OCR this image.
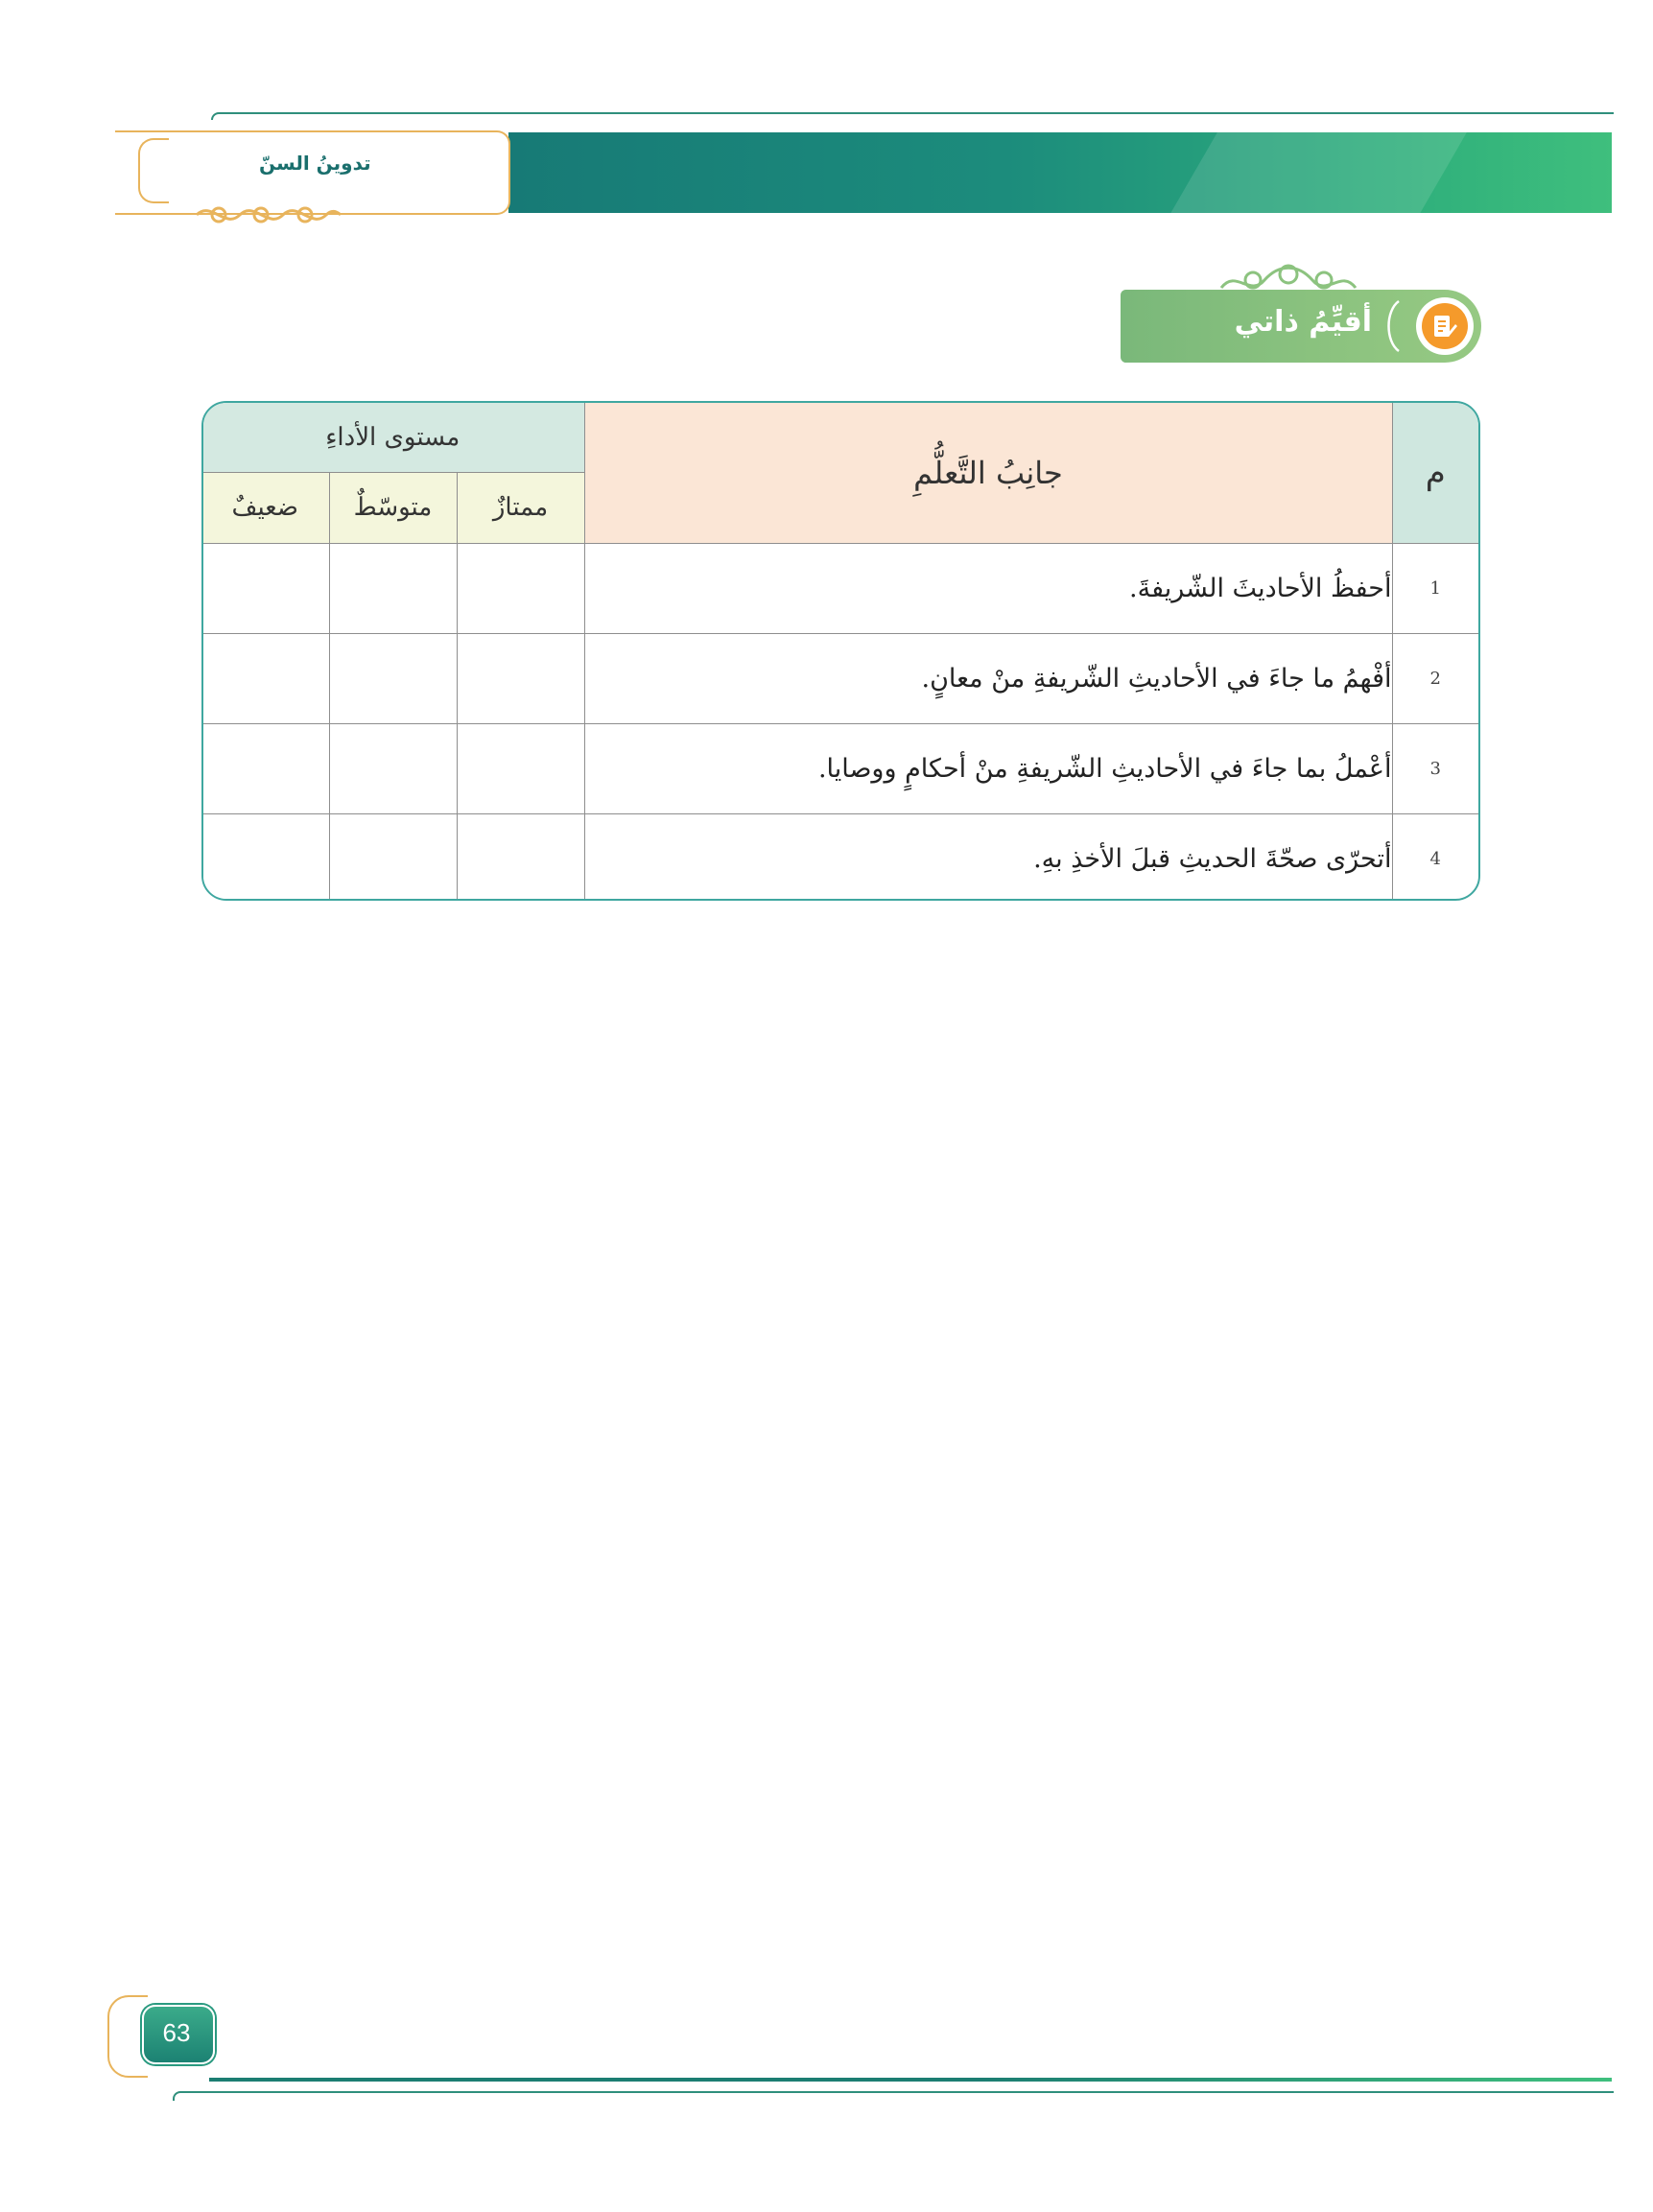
تدوينُ السنّ
أقيِّمُ ذاتي
م	جانِبُ التَّعلُّمِ	مستوى الأداءِ		
		ممتازٌ	متوسّطٌ	ضعيفٌ
1	أحفظُ الأحاديثَ الشّريفةَ.			
2	أفْهمُ ما جاءَ في الأحاديثِ الشّريفةِ منْ معانٍ.			
3	أعْملُ بما جاءَ في الأحاديثِ الشّريفةِ منْ أحكامٍ ووصايا.			
4	أتحرّى صحّةَ الحديثِ قبلَ الأخذِ بهِ.			
63
